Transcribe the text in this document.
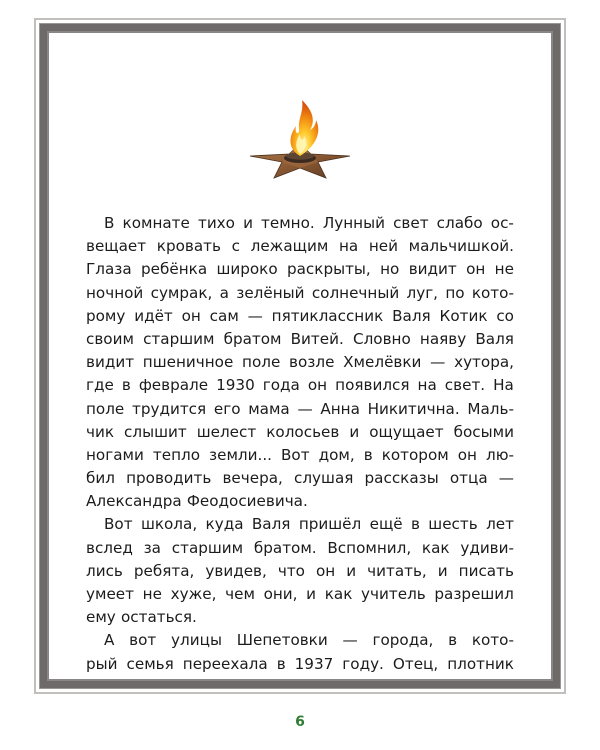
В комнате тихо и темно. Лунный свет слабо ос-
вещает кровать с лежащим на ней мальчишкой.
Глаза ребёнка широко раскрыты, но видит он не
ночной сумрак, а зелёный солнечный луг, по кото-
рому идёт он сам — пятиклассник Валя Котик со
своим старшим братом Витей. Словно наяву Валя
видит пшеничное поле возле Хмелёвки — хутора,
где в феврале 1930 года он появился на свет. На
поле трудится его мама — Анна Никитична. Маль-
чик слышит шелест колосьев и ощущает босыми
ногами тепло земли... Вот дом, в котором он лю-
бил проводить вечера, слушая рассказы отца —
Александра Феодосиевича.
Вот школа, куда Валя пришёл ещё в шесть лет
вслед за старшим братом. Вспомнил, как удиви-
лись ребята, увидев, что он и читать, и писать
умеет не хуже, чем они, и как учитель разрешил
ему остаться.
А вот улицы Шепетовки — города, в кото-
рый семья переехала в 1937 году. Отец, плотник
6
